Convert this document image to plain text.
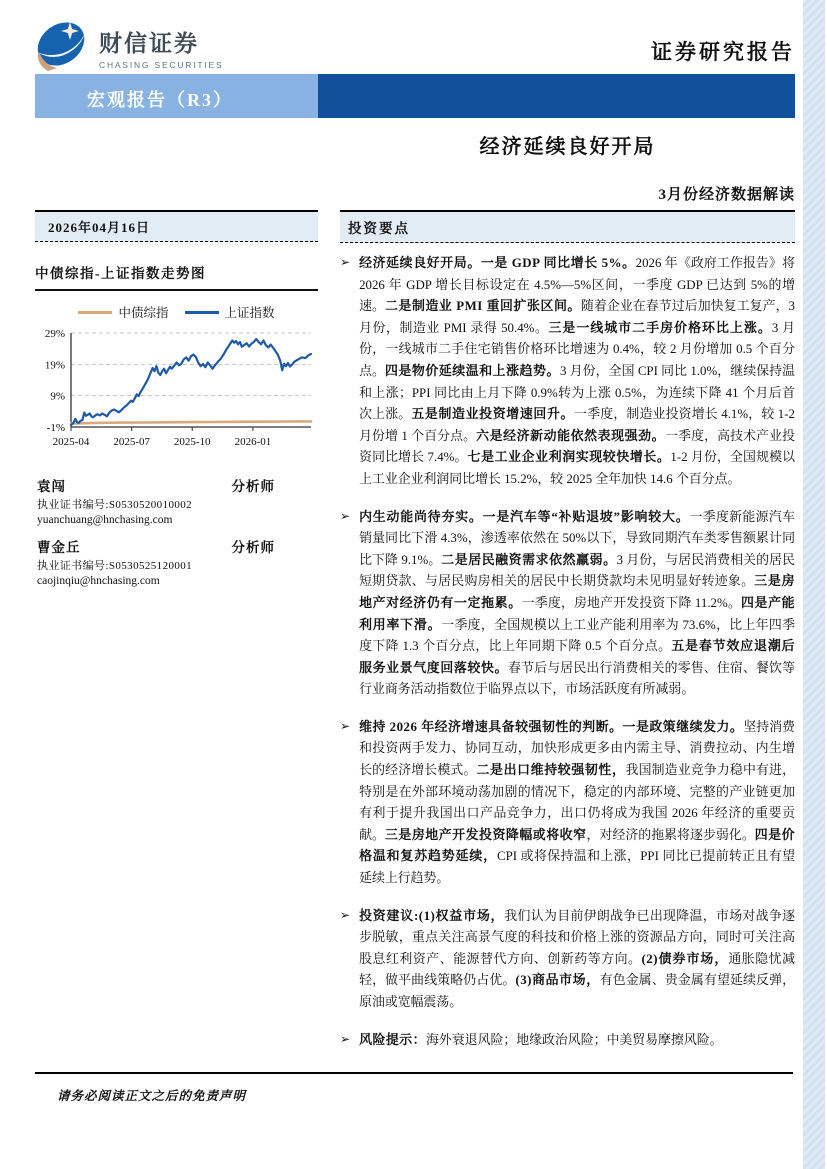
财信证券
CHASING SECURITIES
证券研究报告
宏观报告（R3）
经济延续良好开局
3月份经济数据解读
2026年04月16日
中债综指-上证指数走势图
中债综指	上证指数
-1%
9%
19%
29%
2025-04 2025-07 2025-10 2026-01
袁闯	分析师
执业证书编号:S0530520010002
yuanchuang@hnchasing.com
曹金丘	分析师
执业证书编号:S0530525120001
caojinqiu@hnchasing.com
投资要点
➢ 经济延续良好开局。一是 GDP 同比增长 5%。2026 年《政府工作报告》将 2026 年 GDP 增长目标设定在 4.5%—5%区间，一季度 GDP 已达到 5%的增速。二是制造业 PMI 重回扩张区间。随着企业在春节过后加快复工复产，3 月份，制造业 PMI 录得 50.4%。三是一线城市二手房价格环比上涨。3 月份，一线城市二手住宅销售价格环比增速为 0.4%，较 2 月份增加 0.5 个百分点。四是物价延续温和上涨趋势。3 月份，全国 CPI 同比 1.0%，继续保持温和上涨；PPI 同比由上月下降 0.9%转为上涨 0.5%，为连续下降 41 个月后首次上涨。五是制造业投资增速回升。一季度，制造业投资增长 4.1%，较 1-2 月份增 1 个百分点。六是经济新动能依然表现强劲。一季度，高技术产业投资同比增长 7.4%。七是工业企业利润实现较快增长。1-2 月份，全国规模以上工业企业利润同比增长 15.2%，较 2025 全年加快 14.6 个百分点。

➢ 内生动能尚待夯实。一是汽车等“补贴退坡”影响较大。一季度新能源汽车销量同比下滑 4.3%，渗透率依然在 50%以下，导致同期汽车类零售额累计同比下降 9.1%。二是居民融资需求依然羸弱。3 月份，与居民消费相关的居民短期贷款、与居民购房相关的居民中长期贷款均未见明显好转迹象。三是房地产对经济仍有一定拖累。一季度，房地产开发投资下降 11.2%。四是产能利用率下滑。一季度，全国规模以上工业产能利用率为 73.6%，比上年四季度下降 1.3 个百分点，比上年同期下降 0.5 个百分点。五是春节效应退潮后服务业景气度回落较快。春节后与居民出行消费相关的零售、住宿、餐饮等行业商务活动指数位于临界点以下，市场活跃度有所减弱。

➢ 维持 2026 年经济增速具备较强韧性的判断。一是政策继续发力。坚持消费和投资两手发力、协同互动，加快形成更多由内需主导、消费拉动、内生增长的经济增长模式。二是出口维持较强韧性，我国制造业竞争力稳中有进，特别是在外部环境动荡加剧的情况下，稳定的内部环境、完整的产业链更加有利于提升我国出口产品竞争力，出口仍将成为我国 2026 年经济的重要贡献。三是房地产开发投资降幅或将收窄，对经济的拖累将逐步弱化。四是价格温和复苏趋势延续，CPI 或将保持温和上涨，PPI 同比已提前转正且有望延续上行趋势。

➢ 投资建议:(1)权益市场，我们认为目前伊朗战争已出现降温，市场对战争逐步脱敏，重点关注高景气度的科技和价格上涨的资源品方向，同时可关注高股息红利资产、能源替代方向、创新药等方向。(2)债券市场，通胀隐忧减轻，做平曲线策略仍占优。(3)商品市场，有色金属、贵金属有望延续反弹，原油或宽幅震荡。

➢ 风险提示：海外衰退风险；地缘政治风险；中美贸易摩擦风险。

请务必阅读正文之后的免责声明
